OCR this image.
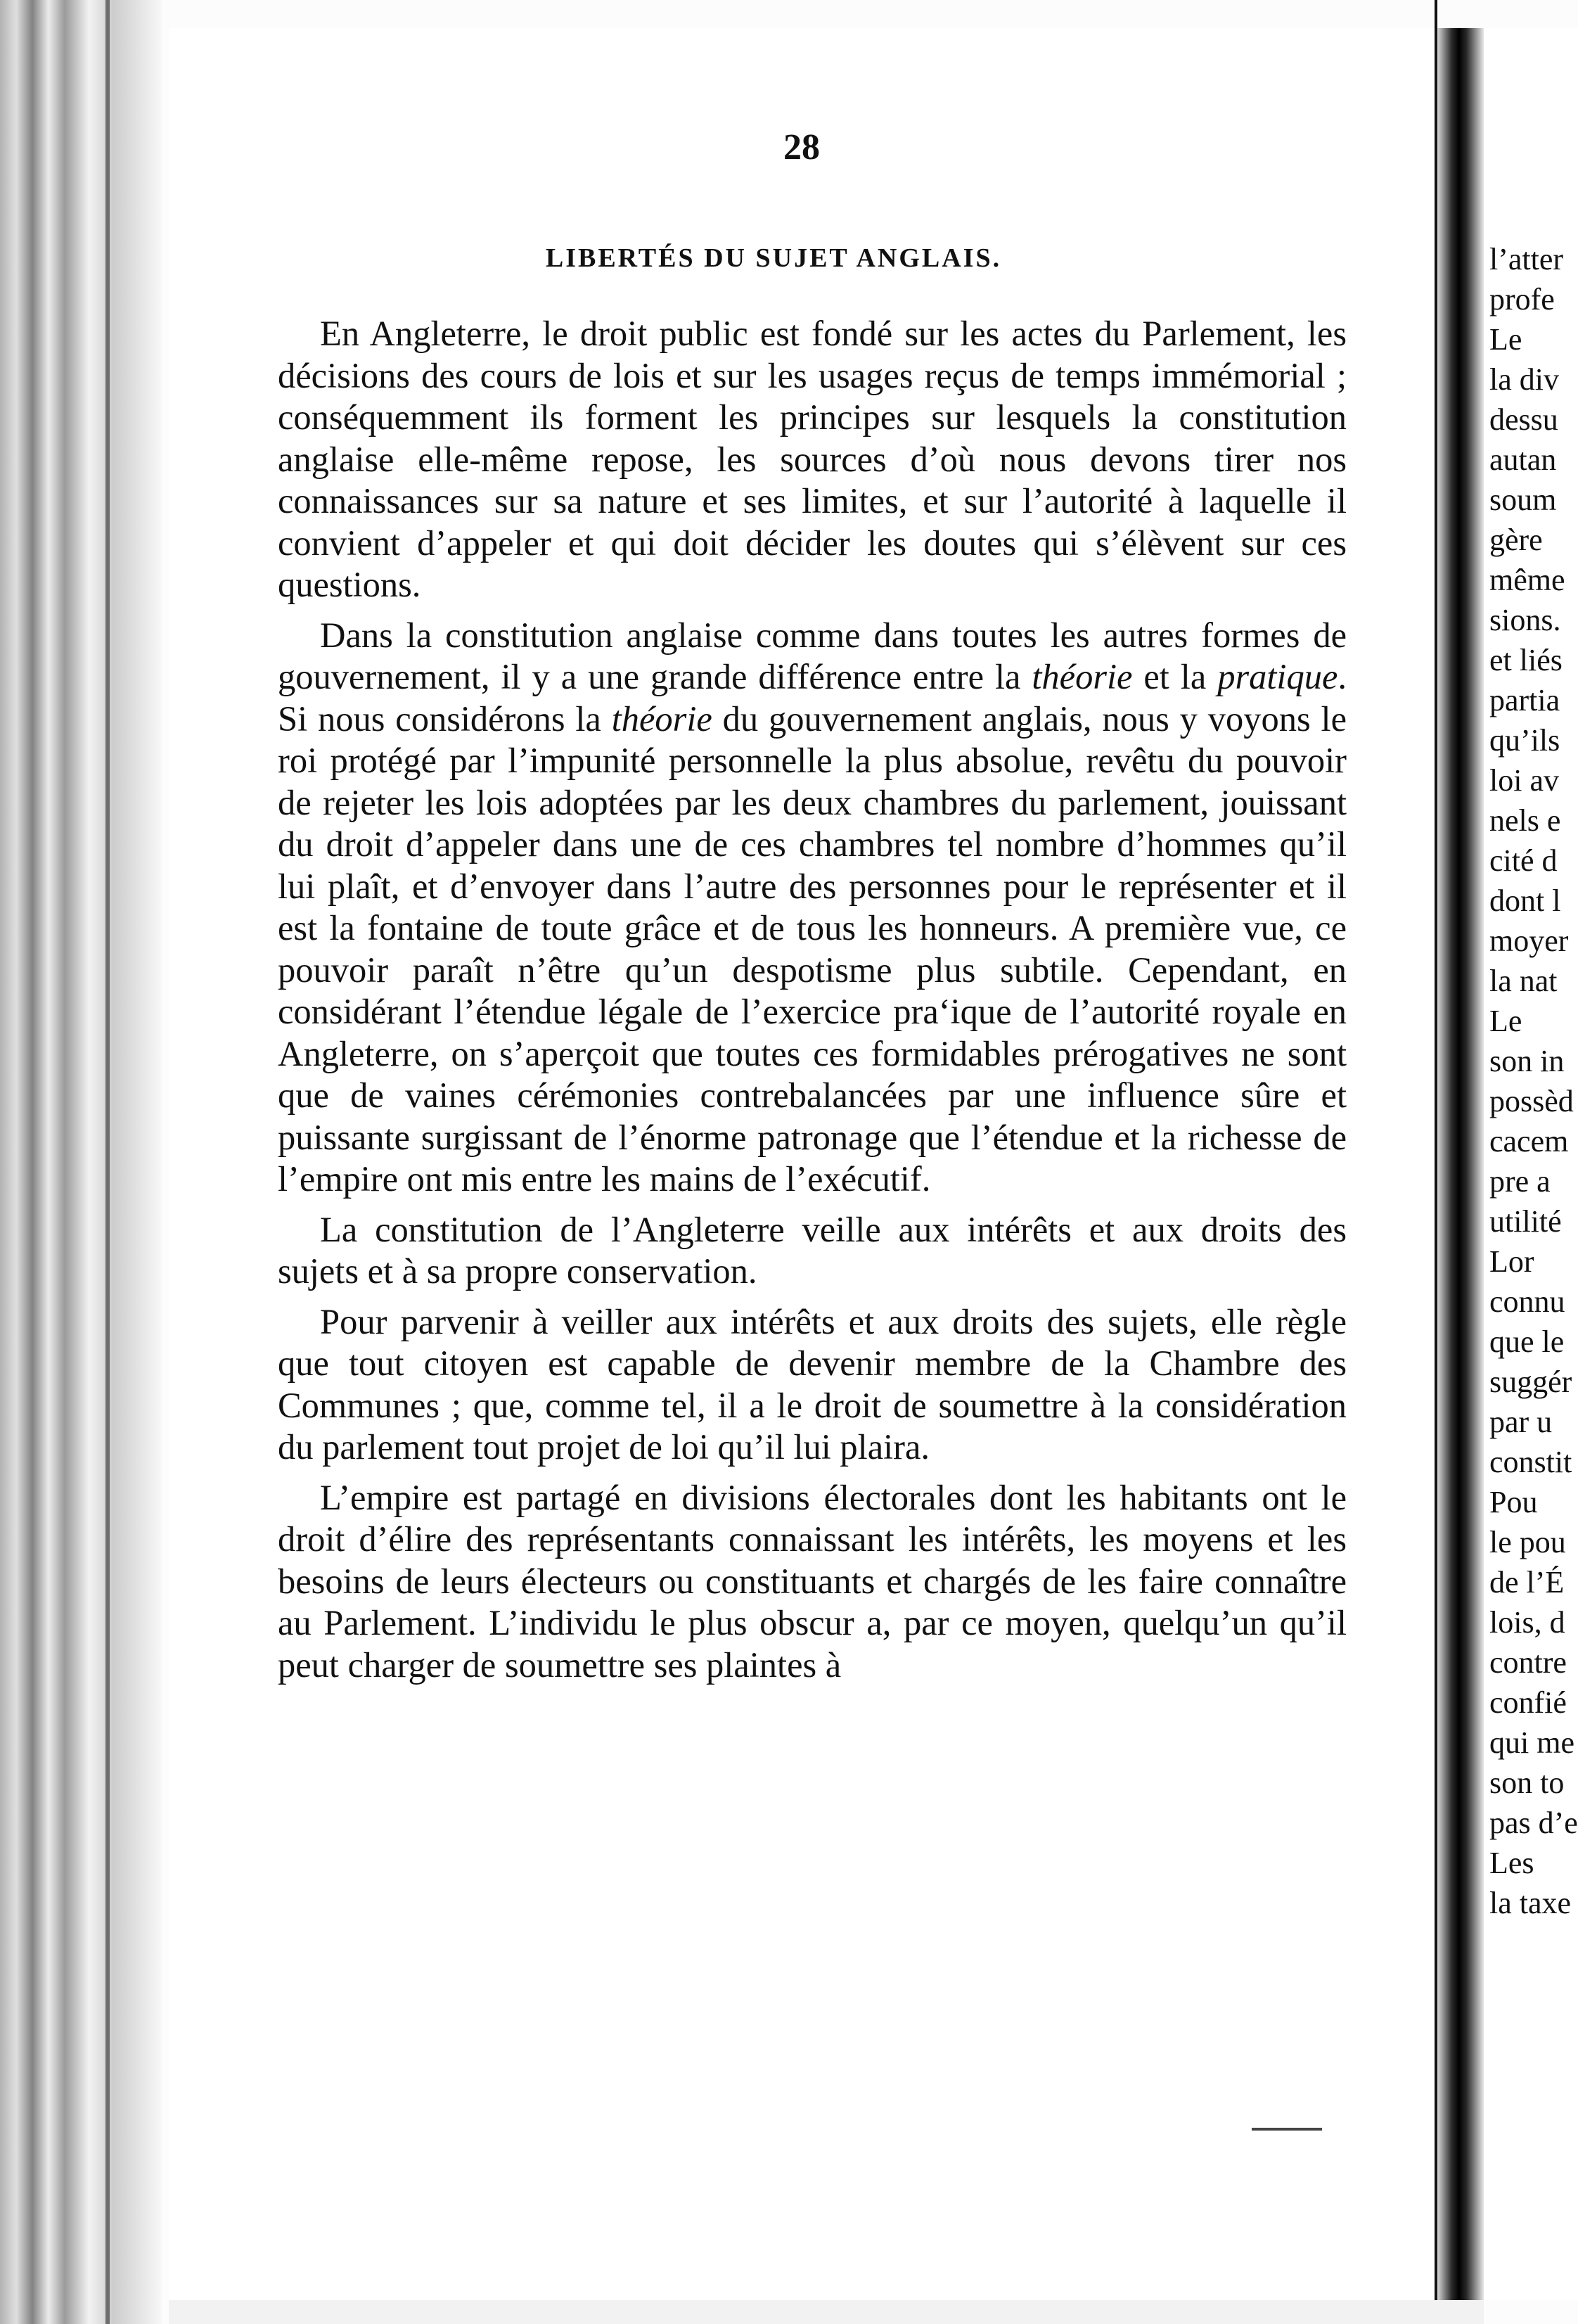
28
LIBERTÉS DU SUJET ANGLAIS.

En Angleterre, le droit public est fondé sur les actes du Parlement, les décisions des cours de lois et sur les usages reçus de temps immémorial ; conséquemment ils forment les principes sur lesquels la constitution anglaise elle-même repose, les sources d’où nous devons tirer nos connaissances sur sa nature et ses limites, et sur l’autorité à laquelle il convient d’appeler et qui doit décider les doutes qui s’élèvent sur ces questions.

Dans la constitution anglaise comme dans toutes les autres formes de gouvernement, il y a une grande différence entre la théorie et la pratique. Si nous considérons la théorie du gouvernement anglais, nous y voyons le roi protégé par l’impunité personnelle la plus absolue, revêtu du pouvoir de rejeter les lois adoptées par les deux chambres du parlement, jouissant du droit d’appeler dans une de ces chambres tel nombre d’hommes qu’il lui plaît, et d’envoyer dans l’autre des personnes pour le représenter et il est la fontaine de toute grâce et de tous les honneurs. A première vue, ce pouvoir paraît n’être qu’un despotisme plus subtile. Cependant, en considérant l’étendue légale de l’exercice pra‘ique de l’autorité royale en Angleterre, on s’aperçoit que toutes ces formidables prérogatives ne sont que de vaines cérémonies contrebalancées par une influence sûre et puissante surgissant de l’énorme patronage que l’étendue et la richesse de l’empire ont mis entre les mains de l’exécutif.

La constitution de l’Angleterre veille aux intérêts et aux droits des sujets et à sa propre conservation.

Pour parvenir à veiller aux intérêts et aux droits des sujets, elle règle que tout citoyen est capable de devenir membre de la Chambre des Communes ; que, comme tel, il a le droit de soumettre à la considération du parlement tout projet de loi qu’il lui plaira.

L’empire est partagé en divisions électorales dont les habitants ont le droit d’élire des représentants connaissant les intérêts, les moyens et les besoins de leurs électeurs ou constituants et chargés de les faire connaître au Parlement. L’individu le plus obscur a, par ce moyen, quelqu’un qu’il peut charger de soumettre ses plaintes à

l’atter
profe
Le
la div
dessu
autan
soum
gère
même
sions.
et liés
partia
qu’ils
loi av
nels e
cité d
dont l
moyer
la nat
Le
son in
possèd
cacem
pre a
utilité
Lor
connu
que le
suggér
par u
constit
Pou
le pou
de l’É
lois, d
contre
confié
qui me
son to
pas d’e
Les
la taxe
